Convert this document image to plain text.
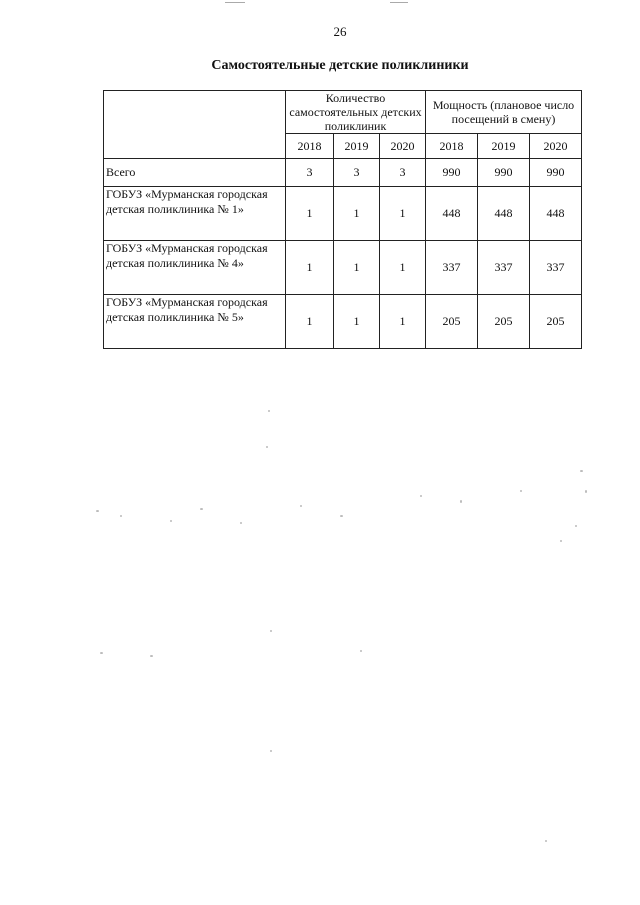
26
Самостоятельные детские поликлиники
	Количество самостоятельных детских поликлиник			Мощность (плановое число посещений в смену)		
	2018	2019	2020	2018	2019	2020
Всего	3	3	3	990	990	990
ГОБУЗ «Мурманская городская детская поликлиника № 1»	1	1	1	448	448	448
ГОБУЗ «Мурманская городская детская поликлиника № 4»	1	1	1	337	337	337
ГОБУЗ «Мурманская городская детская поликлиника № 5»	1	1	1	205	205	205
